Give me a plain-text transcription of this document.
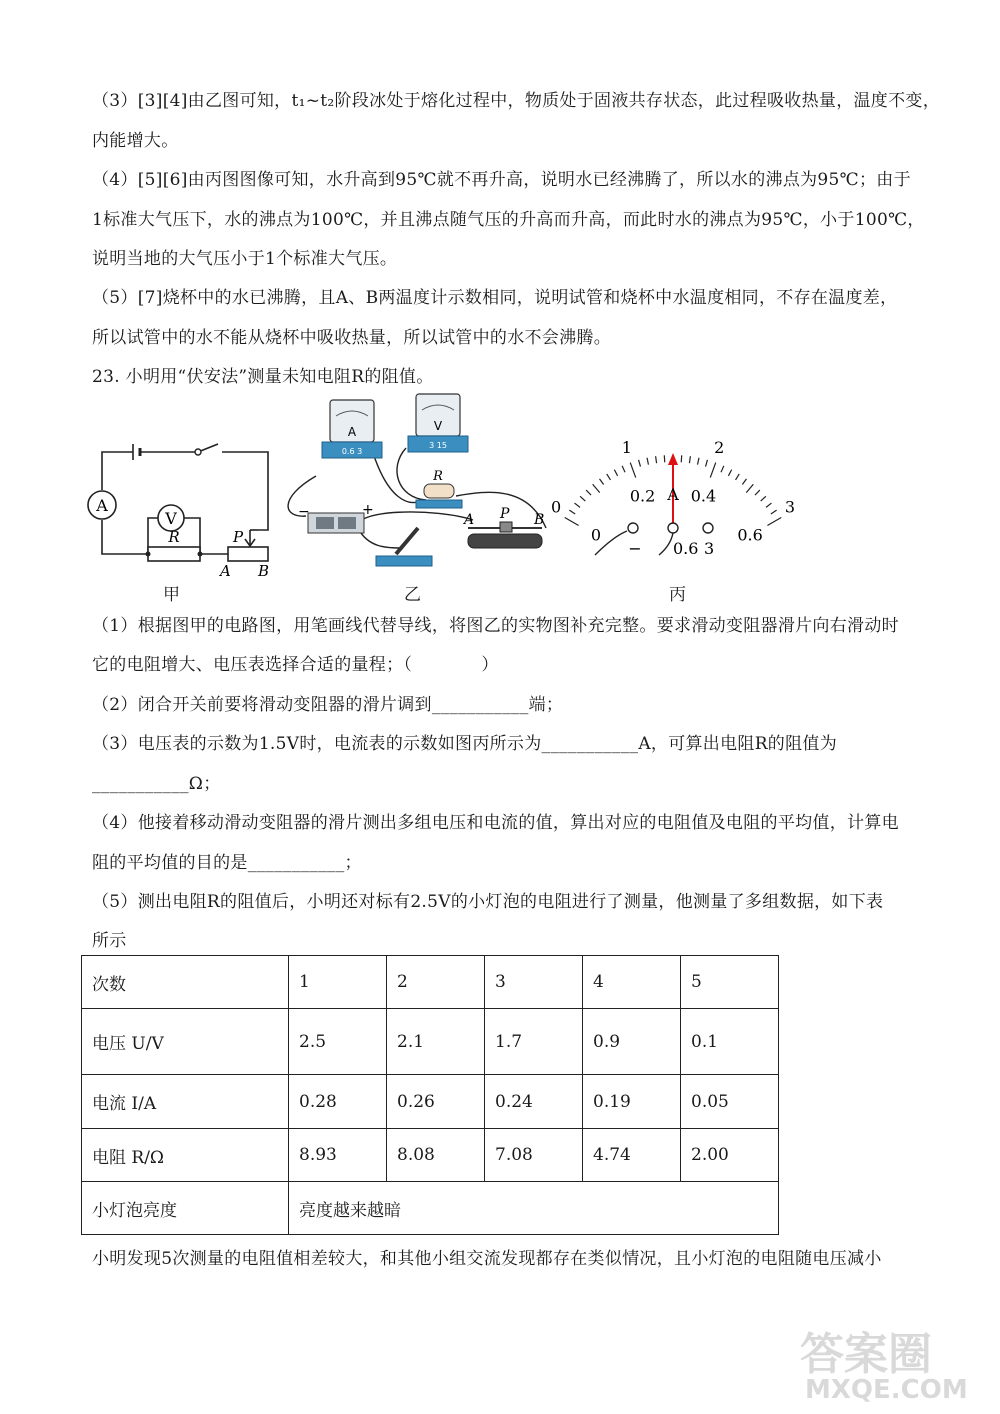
（3）[3][4]由乙图可知，t₁~t₂阶段冰处于熔化过程中，物质处于固液共存状态，此过程吸收热量，温度不变，
内能增大。
（4）[5][6]由丙图图像可知，水升高到95℃就不再升高，说明水已经沸腾了，所以水的沸点为95℃；由于
1标准大气压下，水的沸点为100℃，并且沸点随气压的升高而升高，而此时水的沸点为95℃，小于100℃，
说明当地的大气压小于1个标准大气压。
（5）[7]烧杯中的水已沸腾，且A、B两温度计示数相同，说明试管和烧杯中水温度相同，不存在温度差，
所以试管中的水不能从烧杯中吸收热量，所以试管中的水不会沸腾。
23. 小明用“伏安法”测量未知电阻R的阻值。
A
V
R	P
A B
甲
A
0.6 3
V
3 15
R
−	+
A P B
乙
0
1	2
3
0
0.2 0.4
0.6
A
− 0.6 3
丙
（1）根据图甲的电路图，用笔画线代替导线，将图乙的实物图补充完整。要求滑动变阻器滑片向右滑动时
它的电阻增大、电压表选择合适的量程；（　　　　）
（2）闭合开关前要将滑动变阻器的滑片调到___________端；
（3）电压表的示数为1.5V时，电流表的示数如图丙所示为___________A，可算出电阻R的阻值为
___________Ω；
（4）他接着移动滑动变阻器的滑片测出多组电压和电流的值，算出对应的电阻值及电阻的平均值，计算电
阻的平均值的目的是___________；
（5）测出电阻R的阻值后，小明还对标有2.5V的小灯泡的电阻进行了测量，他测量了多组数据，如下表
所示
次数	1	2	3	4	5
电压 U/V	2.5	2.1	1.7	0.9	0.1
电流 I/A	0.28	0.26	0.24	0.19	0.05
电阻 R/Ω	8.93	8.08	7.08	4.74	2.00
小灯泡亮度	亮度越来越暗				
小明发现5次测量的电阻值相差较大，和其他小组交流发现都存在类似情况，且小灯泡的电阻随电压减小
答案圈
MXQE.COM
